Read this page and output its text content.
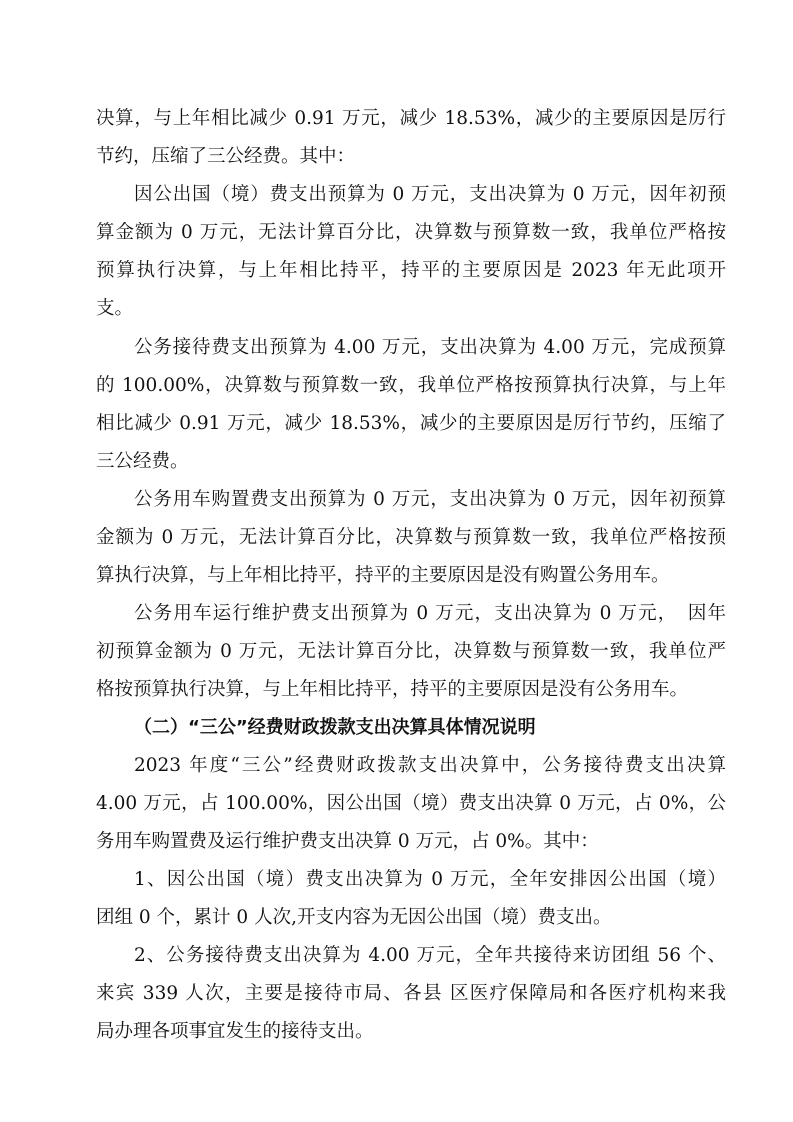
决算，与上年相比减少 0.91 万元，减少 18.53%，减少的主要原因是厉行
节约，压缩了三公经费。其中：
因公出国（境）费支出预算为 0 万元，支出决算为 0 万元，因年初预
算金额为 0 万元，无法计算百分比，决算数与预算数一致，我单位严格按
预算执行决算，与上年相比持平，持平的主要原因是 2023 年无此项开
支。
公务接待费支出预算为 4.00 万元，支出决算为 4.00 万元，完成预算
的 100.00%，决算数与预算数一致，我单位严格按预算执行决算，与上年
相比减少 0.91 万元，减少 18.53%，减少的主要原因是厉行节约，压缩了
三公经费。
公务用车购置费支出预算为 0 万元，支出决算为 0 万元，因年初预算
金额为 0 万元，无法计算百分比，决算数与预算数一致，我单位严格按预
算执行决算，与上年相比持平，持平的主要原因是没有购置公务用车。
公务用车运行维护费支出预算为 0 万元，支出决算为 0 万元，　因年
初预算金额为 0 万元，无法计算百分比，决算数与预算数一致，我单位严
格按预算执行决算，与上年相比持平，持平的主要原因是没有公务用车。
（二）“三公”经费财政拨款支出决算具体情况说明
2023 年度“三公”经费财政拨款支出决算中，公务接待费支出决算
4.00 万元，占 100.00%，因公出国（境）费支出决算 0 万元，占 0%，公
务用车购置费及运行维护费支出决算 0 万元，占 0%。其中：
1、因公出国（境）费支出决算为 0 万元，全年安排因公出国（境）
团组 0 个，累计 0 人次,开支内容为无因公出国（境）费支出。
2、公务接待费支出决算为 4.00 万元，全年共接待来访团组 56 个、
来宾 339 人次，主要是接待市局、各县 区医疗保障局和各医疗机构来我
局办理各项事宜发生的接待支出。
